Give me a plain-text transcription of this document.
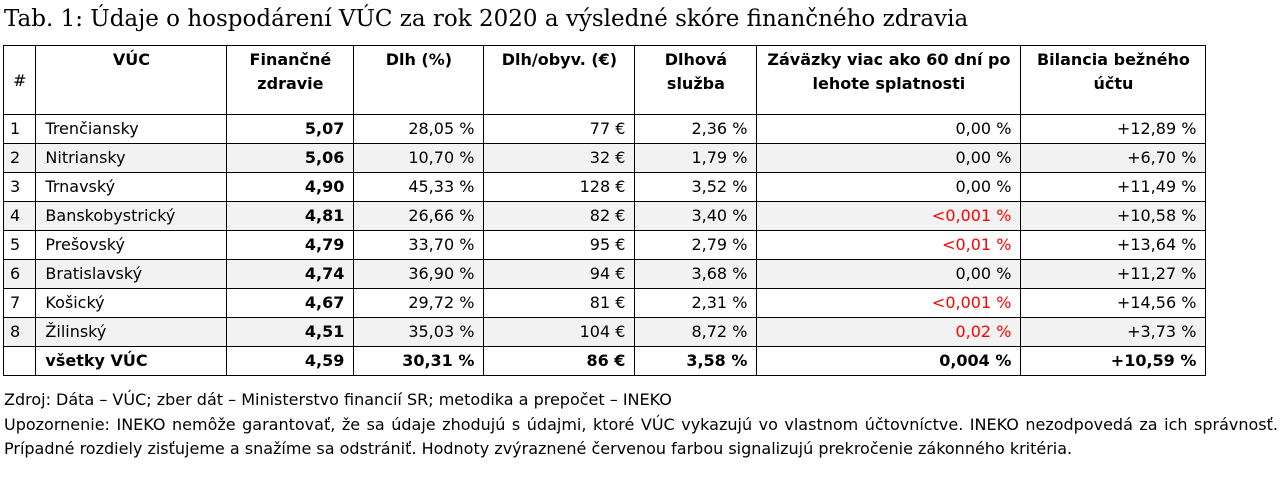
Tab. 1: Údaje o hospodárení VÚC za rok 2020 a výsledné skóre finančného zdravia
#	VÚC	Finančné zdravie	Dlh (%)	Dlh/obyv. (€)	Dlhová služba	Záväzky viac ako 60 dní po lehote splatnosti	Bilancia bežného účtu
1	Trenčiansky	5,07	28,05 %	77 €	2,36 %	0,00 %	+12,89 %
2	Nitriansky	5,06	10,70 %	32 €	1,79 %	0,00 %	+6,70 %
3	Trnavský	4,90	45,33 %	128 €	3,52 %	0,00 %	+11,49 %
4	Banskobystrický	4,81	26,66 %	82 €	3,40 %	<0,001 %	+10,58 %
5	Prešovský	4,79	33,70 %	95 €	2,79 %	<0,01 %	+13,64 %
6	Bratislavský	4,74	36,90 %	94 €	3,68 %	0,00 %	+11,27 %
7	Košický	4,67	29,72 %	81 €	2,31 %	<0,001 %	+14,56 %
8	Žilinský	4,51	35,03 %	104 €	8,72 %	0,02 %	+3,73 %
	všetky VÚC	4,59	30,31 %	86 €	3,58 %	0,004 %	+10,59 %

Zdroj: Dáta – VÚC; zber dát – Ministerstvo financií SR; metodika a prepočet – INEKO

Upozornenie: INEKO nemôže garantovať, že sa údaje zhodujú s údajmi, ktoré VÚC vykazujú vo vlastnom účtovníctve. INEKO nezodpovedá za ich správnosť. Prípadné rozdiely zisťujeme a snažíme sa odstrániť. Hodnoty zvýraznené červenou farbou signalizujú prekročenie zákonného kritéria.
